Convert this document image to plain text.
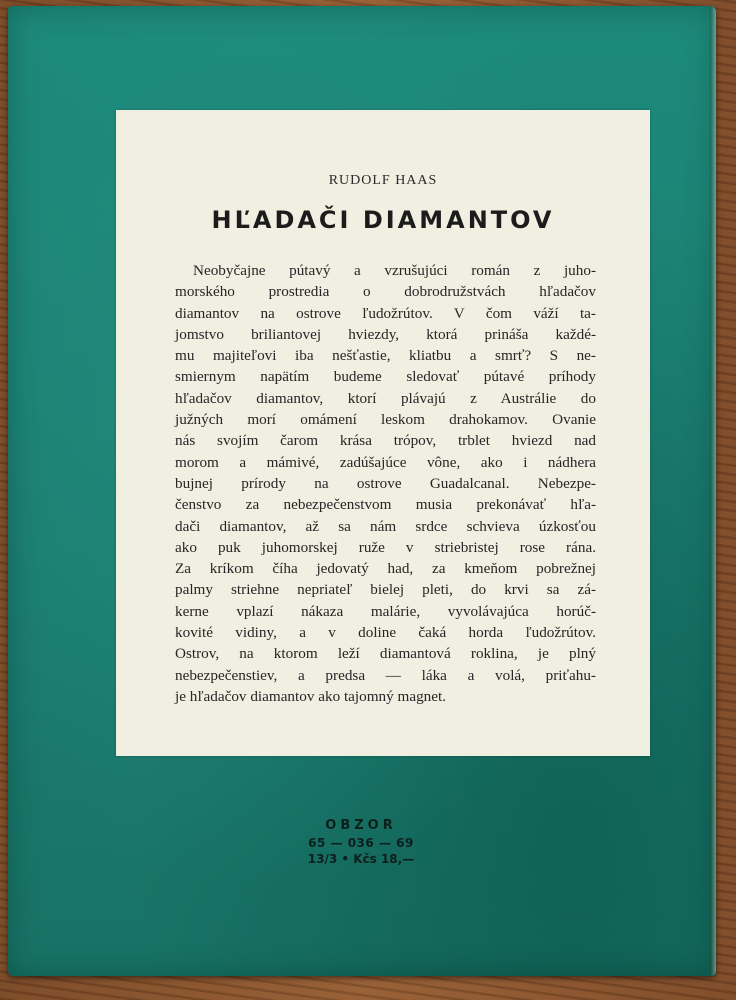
RUDOLF HAAS
HĽADAČI DIAMANTOV
Neobyčajne pútavý a vzrušujúci román z juho-
morského prostredia o dobrodružstvách hľadačov
diamantov na ostrove ľudožrútov. V čom váží ta-
jomstvo briliantovej hviezdy, ktorá prináša každé-
mu majiteľovi iba nešťastie, kliatbu a smrť? S ne-
smiernym napätím budeme sledovať pútavé príhody
hľadačov diamantov, ktorí plávajú z Austrálie do
južných morí omámení leskom drahokamov. Ovanie
nás svojím čarom krása trópov, trblet hviezd nad
morom a mámivé, zadúšajúce vône, ako i nádhera
bujnej prírody na ostrove Guadalcanal. Nebezpe-
čenstvo za nebezpečenstvom musia prekonávať hľa-
dači diamantov, až sa nám srdce schvieva úzkosťou
ako puk juhomorskej ruže v striebristej rose rána.
Za kríkom číha jedovatý had, za kmeňom pobrežnej
palmy striehne nepriateľ bielej pleti, do krvi sa zá-
kerne vplazí nákaza malárie, vyvolávajúca horúč-
kovité vidiny, a v doline čaká horda ľudožrútov.
Ostrov, na ktorom leží diamantová roklina, je plný
nebezpečenstiev, a predsa — láka a volá, priťahu-
je hľadačov diamantov ako tajomný magnet.
OBZOR
65 — 036 — 69
13/3 • Kčs 18,—
